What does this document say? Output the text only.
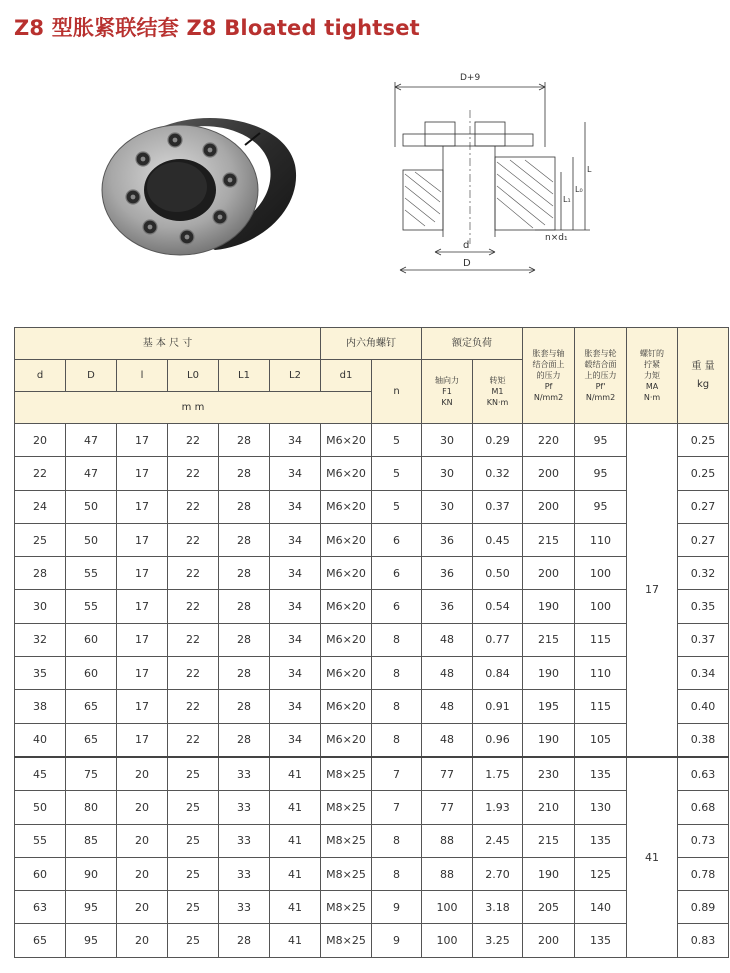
Z8 型胀紧联结套 Z8 Bloated tightset
D+9
d
D
n×d₁
L
L₀
L₁
基 本 尺 寸						内六角螺钉		额定负荷		胀套与轴
结合面上
的压力
Pf
N/mm2	胀套与轮
毂结合面
上的压力
Pf'
N/mm2	螺钉的
拧紧
力矩
MA
N·m	重 量
kg

d	D	l	L0	L1	L2	d1	n	轴向力
F1
KN	转矩
M1
KN·m				

m m													
20	47	17	22	28	34	M6×20	5	30	0.29	220	95	17	0.25
22	47	17	22	28	34	M6×20	5	30	0.32	200	95		0.25
24	50	17	22	28	34	M6×20	5	30	0.37	200	95		0.27
25	50	17	22	28	34	M6×20	6	36	0.45	215	110		0.27
28	55	17	22	28	34	M6×20	6	36	0.50	200	100		0.32
30	55	17	22	28	34	M6×20	6	36	0.54	190	100		0.35
32	60	17	22	28	34	M6×20	8	48	0.77	215	115		0.37
35	60	17	22	28	34	M6×20	8	48	0.84	190	110		0.34
38	65	17	22	28	34	M6×20	8	48	0.91	195	115		0.40
40	65	17	22	28	34	M6×20	8	48	0.96	190	105		0.38
45	75	20	25	33	41	M8×25	7	77	1.75	230	135	41	0.63
50	80	20	25	33	41	M8×25	7	77	1.93	210	130		0.68
55	85	20	25	33	41	M8×25	8	88	2.45	215	135		0.73
60	90	20	25	33	41	M8×25	8	88	2.70	190	125		0.78
63	95	20	25	33	41	M8×25	9	100	3.18	205	140		0.89
65	95	20	25	28	41	M8×25	9	100	3.25	200	135		0.83
